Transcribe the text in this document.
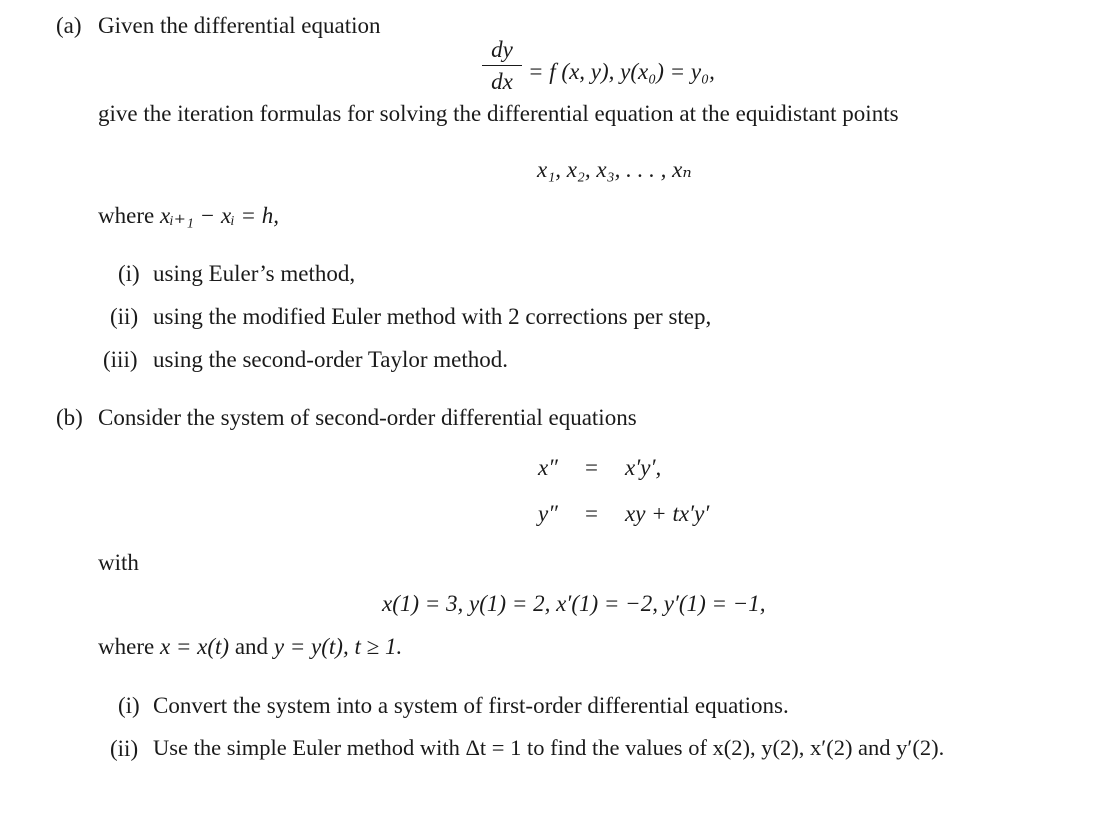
(a) Given the differential equation
dy
dx = f (x, y), y(x₀) = y₀,
give the iteration formulas for solving the differential equation at the equidistant points
x₁, x₂, x₃, . . . , xₙ
where xᵢ₊₁ − xᵢ = h,
(i) using Euler’s method,
(ii) using the modified Euler method with 2 corrections per step,
(iii) using the second-order Taylor method.
(b) Consider the system of second-order differential equations
x″ = x′y′,
y″ = xy + tx′y′
with
x(1) = 3, y(1) = 2, x′(1) = −2, y′(1) = −1,
where x = x(t) and y = y(t), t ≥ 1.
(i) Convert the system into a system of first-order differential equations.
(ii) Use the simple Euler method with Δt = 1 to find the values of x(2), y(2), x′(2) and y′(2).
